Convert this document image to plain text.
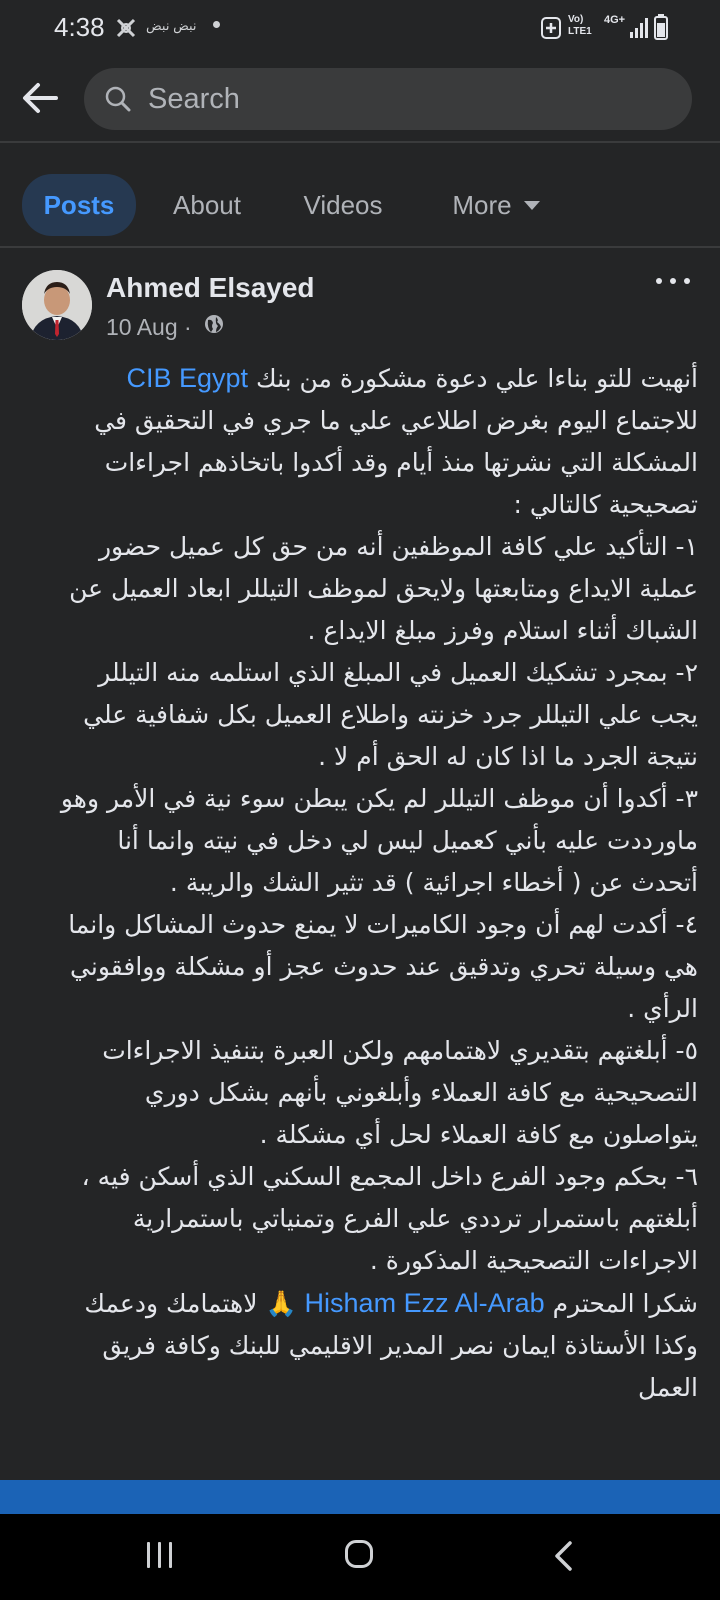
4:38	نبض نبض	Vo)
LTE1
4G+
Search
Posts	About	Videos	More
Ahmed Elsayed
10 Aug ·

أنهيت للتو بناءا علي دعوة مشكورة من بنك CIB Egypt

للاجتماع اليوم بغرض اطلاعي علي ما جري في التحقيق في

المشكلة التي نشرتها منذ أيام وقد أكدوا باتخاذهم اجراءات

تصحيحية كالتالي :

١- التأكيد علي كافة الموظفين أنه من حق كل عميل حضور

عملية الايداع ومتابعتها ولايحق لموظف التيللر ابعاد العميل عن

الشباك أثناء استلام وفرز مبلغ الايداع .

٢- بمجرد تشكيك العميل في المبلغ الذي استلمه منه التيللر

يجب علي التيللر جرد خزنته واطلاع العميل بكل شفافية علي

نتيجة الجرد ما اذا كان له الحق أم لا .

٣- أكدوا أن موظف التيللر لم يكن يبطن سوء نية في الأمر وهو

ماورددت عليه بأني كعميل ليس لي دخل في نيته وانما أنا

أتحدث عن ( أخطاء اجرائية ) قد تثير الشك والريبة .

٤- أكدت لهم أن وجود الكاميرات لا يمنع حدوث المشاكل وانما

هي وسيلة تحري وتدقيق عند حدوث عجز أو مشكلة ووافقوني

الرأي .

٥- أبلغتهم بتقديري لاهتمامهم ولكن العبرة بتنفيذ الاجراءات

التصحيحية مع كافة العملاء وأبلغوني بأنهم بشكل دوري

يتواصلون مع كافة العملاء لحل أي مشكلة .

٦- بحكم وجود الفرع داخل المجمع السكني الذي أسكن فيه ،

أبلغتهم باستمرار ترددي علي الفرع وتمنياتي باستمرارية

الاجراءات التصحيحية المذكورة .

شكرا المحترم Hisham Ezz Al-Arab 🙏 لاهتمامك ودعمك

وكذا الأستاذة ايمان نصر المدير الاقليمي للبنك وكافة فريق

العمل
